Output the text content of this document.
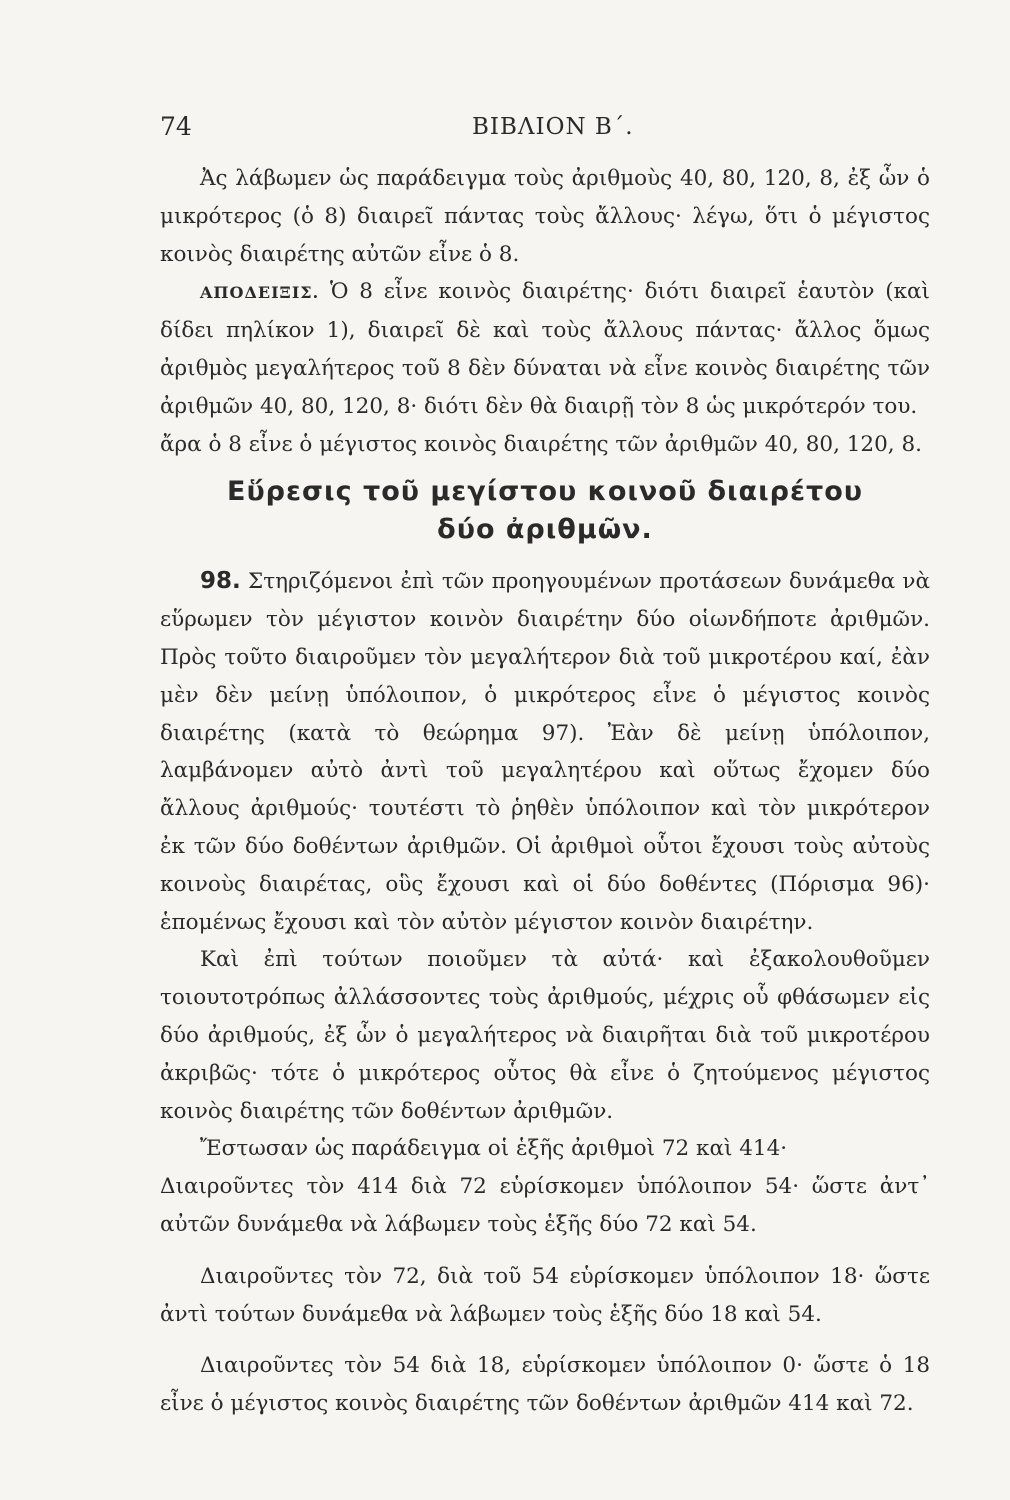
74	ΒΙΒΛΙΟΝ Β΄.

Ἀς λάβωμεν ὡς παράδειγμα τοὺς ἀριθμοὺς 40, 80, 120, 8, ἐξ ὧν ὁ μικρότερος (ὁ 8) διαιρεῖ πάντας τοὺς ἄλλους· λέγω, ὅτι ὁ μέγιστος κοινὸς διαιρέτης αὐτῶν εἶνε ὁ 8.

ΑΠΟΔΕΙΞΙΣ. Ὁ 8 εἶνε κοινὸς διαιρέτης· διότι διαιρεῖ ἑαυτὸν (καὶ δίδει πηλίκον 1), διαιρεῖ δὲ καὶ τοὺς ἄλλους πάντας· ἄλλος ὅμως ἀριθμὸς μεγαλήτερος τοῦ 8 δὲν δύναται νὰ εἶνε κοινὸς διαιρέτης τῶν ἀριθμῶν 40, 80, 120, 8· διότι δὲν θὰ διαιρῇ τὸν 8 ὡς μικρότερόν του.

ἄρα ὁ 8 εἶνε ὁ μέγιστος κοινὸς διαιρέτης τῶν ἀριθμῶν 40, 80, 120, 8.

Εὕρεσις τοῦ μεγίστου κοινοῦ διαιρέτου
δύο ἀριθμῶν.

98. Στηριζόμενοι ἐπὶ τῶν προηγουμένων προτάσεων δυνάμεθα νὰ εὕρωμεν τὸν μέγιστον κοινὸν διαιρέτην δύο οἱωνδήποτε ἀριθμῶν. Πρὸς τοῦτο διαιροῦμεν τὸν μεγαλήτερον διὰ τοῦ μικροτέρου καί, ἐὰν μὲν δὲν μείνῃ ὑπόλοιπον, ὁ μικρότερος εἶνε ὁ μέγιστος κοινὸς διαιρέτης (κατὰ τὸ θεώρημα 97). Ἐὰν δὲ μείνῃ ὑπόλοιπον, λαμβάνομεν αὐτὸ ἀντὶ τοῦ μεγαλητέρου καὶ οὕτως ἔχομεν δύο ἄλλους ἀριθμούς· τουτέστι τὸ ῥηθὲν ὑπόλοιπον καὶ τὸν μικρότερον ἐκ τῶν δύο δοθέντων ἀριθμῶν. Οἱ ἀριθμοὶ οὗτοι ἔχουσι τοὺς αὐτοὺς κοινοὺς διαιρέτας, οὓς ἔχουσι καὶ οἱ δύο δοθέντες (Πόρισμα 96)· ἑπομένως ἔχουσι καὶ τὸν αὐτὸν μέγιστον κοινὸν διαιρέτην.

Καὶ ἐπὶ τούτων ποιοῦμεν τὰ αὐτά· καὶ ἐξακολουθοῦμεν τοιουτοτρόπως ἀλλάσσοντες τοὺς ἀριθμούς, μέχρις οὗ φθάσωμεν εἰς δύο ἀριθμούς, ἐξ ὧν ὁ μεγαλήτερος νὰ διαιρῆται διὰ τοῦ μικροτέρου ἀκριβῶς· τότε ὁ μικρότερος οὗτος θὰ εἶνε ὁ ζητούμενος μέγιστος κοινὸς διαιρέτης τῶν δοθέντων ἀριθμῶν.

Ἔστωσαν ὡς παράδειγμα οἱ ἑξῆς ἀριθμοὶ 72 καὶ 414·

Διαιροῦντες τὸν 414 διὰ 72 εὑρίσκομεν ὑπόλοιπον 54· ὥστε ἀντ᾽ αὐτῶν δυνάμεθα νὰ λάβωμεν τοὺς ἑξῆς δύο 72 καὶ 54.

Διαιροῦντες τὸν 72, διὰ τοῦ 54 εὑρίσκομεν ὑπόλοιπον 18· ὥστε ἀντὶ τούτων δυνάμεθα νὰ λάβωμεν τοὺς ἑξῆς δύο 18 καὶ 54.

Διαιροῦντες τὸν 54 διὰ 18, εὑρίσκομεν ὑπόλοιπον 0· ὥστε ὁ 18 εἶνε ὁ μέγιστος κοινὸς διαιρέτης τῶν δοθέντων ἀριθμῶν 414 καὶ 72.
